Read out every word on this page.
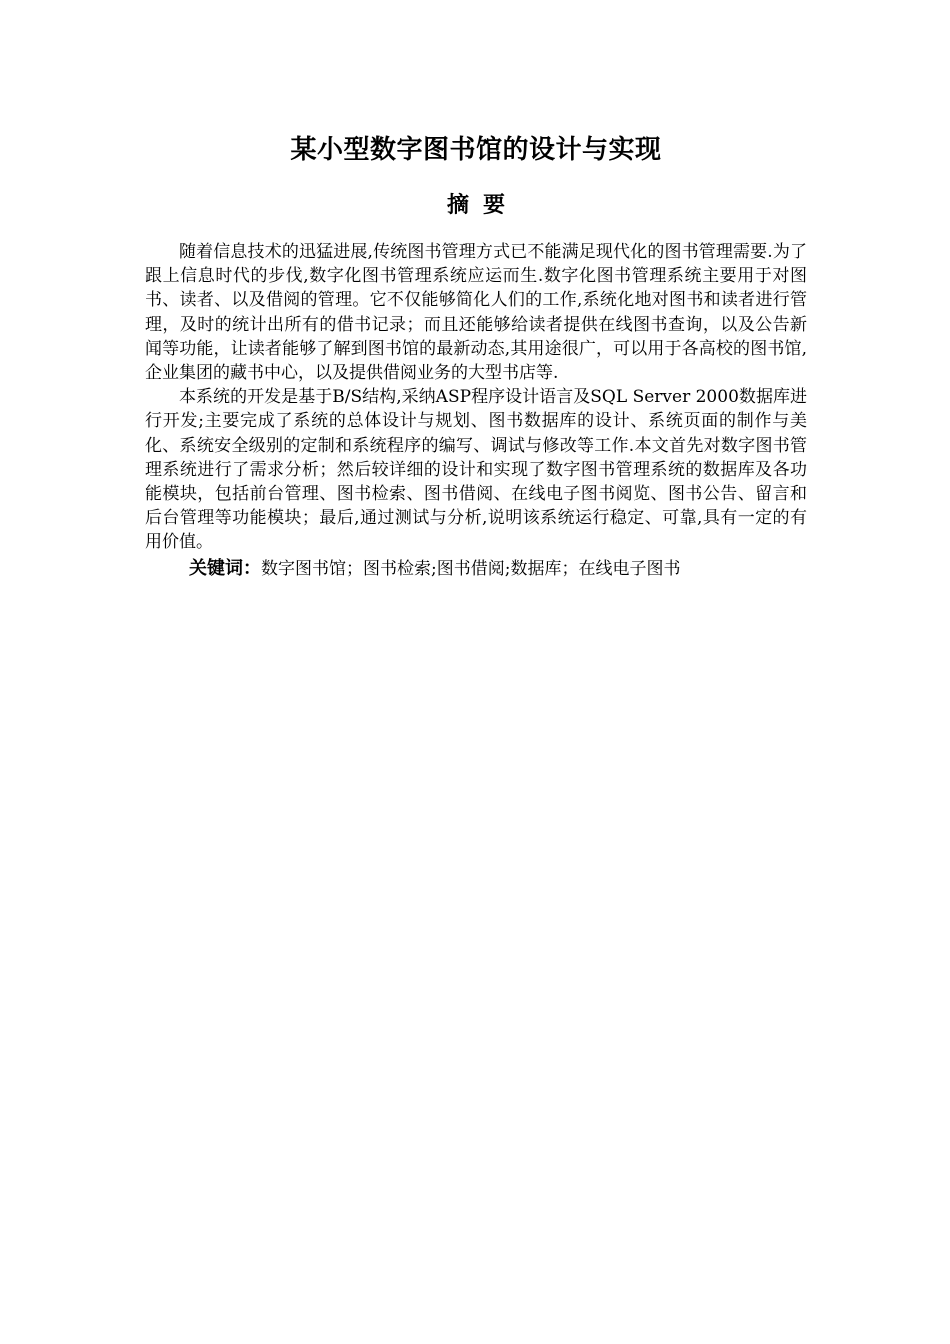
某小型数字图书馆的设计与实现
摘要

随着信息技术的迅猛进展,传统图书管理方式已不能满足现代化的图书管理需要.为了跟上信息时代的步伐,数字化图书管理系统应运而生.数字化图书管理系统主要用于对图书、读者、以及借阅的管理。它不仅能够简化人们的工作,系统化地对图书和读者进行管理，及时的统计出所有的借书记录；而且还能够给读者提供在线图书查询，以及公告新闻等功能，让读者能够了解到图书馆的最新动态,其用途很广，可以用于各高校的图书馆,企业集团的藏书中心，以及提供借阅业务的大型书店等.

本系统的开发是基于B/S结构,采纳ASP程序设计语言及SQL Server 2000数据库进行开发;主要完成了系统的总体设计与规划、图书数据库的设计、系统页面的制作与美化、系统安全级别的定制和系统程序的编写、调试与修改等工作.本文首先对数字图书管理系统进行了需求分析；然后较详细的设计和实现了数字图书管理系统的数据库及各功能模块，包括前台管理、图书检索、图书借阅、在线电子图书阅览、图书公告、留言和后台管理等功能模块；最后,通过测试与分析,说明该系统运行稳定、可靠,具有一定的有用价值。

关键词：数字图书馆；图书检索;图书借阅;数据库；在线电子图书
